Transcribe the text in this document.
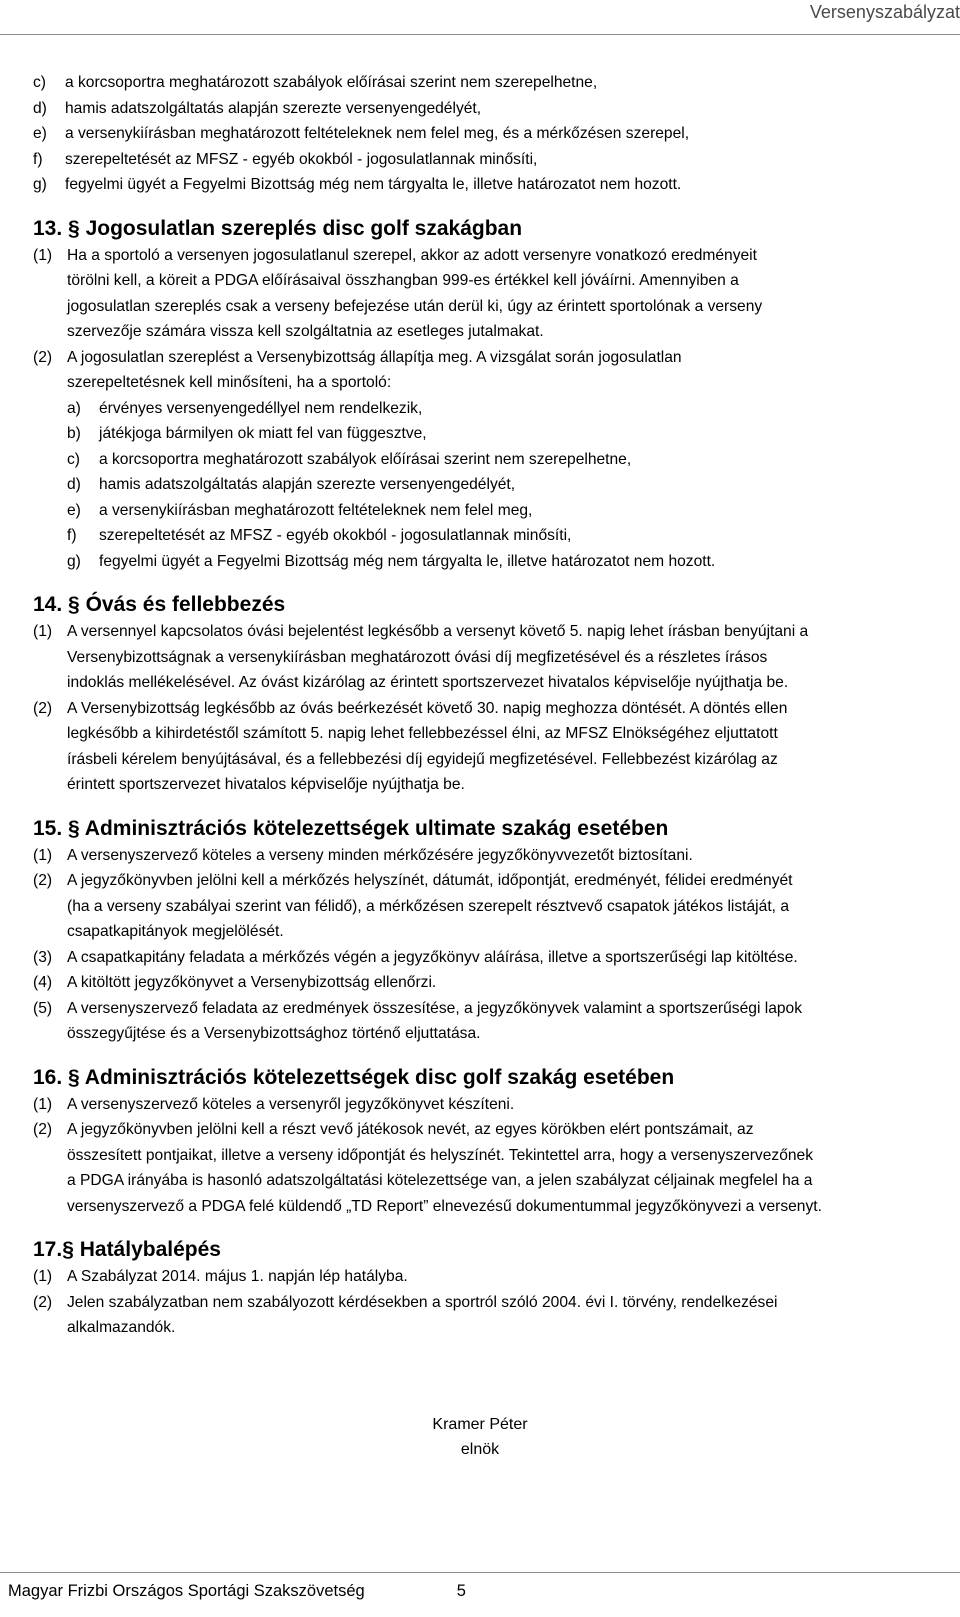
Versenyszabályzat
c) a korcsoportra meghatározott szabályok előírásai szerint nem szerepelhetne,
d) hamis adatszolgáltatás alapján szerezte versenyengedélyét,
e) a versenykiírásban meghatározott feltételeknek nem felel meg, és a mérkőzésen szerepel,
f) szerepeltetését az MFSZ - egyéb okokból - jogosulatlannak minősíti,
g) fegyelmi ügyét a Fegyelmi Bizottság még nem tárgyalta le, illetve határozatot nem hozott.
13. § Jogosulatlan szereplés disc golf szakágban
(1) Ha a sportoló a versenyen jogosulatlanul szerepel, akkor az adott versenyre vonatkozó eredményeit
törölni kell, a köreit a PDGA előírásaival összhangban 999-es értékkel kell jóváírni. Amennyiben a
jogosulatlan szereplés csak a verseny befejezése után derül ki, úgy az érintett sportolónak a verseny
szervezője számára vissza kell szolgáltatnia az esetleges jutalmakat.
(2) A jogosulatlan szereplést a Versenybizottság állapítja meg. A vizsgálat során jogosulatlan
szerepeltetésnek kell minősíteni, ha a sportoló:
a) érvényes versenyengedéllyel nem rendelkezik,
b) játékjoga bármilyen ok miatt fel van függesztve,
c) a korcsoportra meghatározott szabályok előírásai szerint nem szerepelhetne,
d) hamis adatszolgáltatás alapján szerezte versenyengedélyét,
e) a versenykiírásban meghatározott feltételeknek nem felel meg,
f) szerepeltetését az MFSZ - egyéb okokból - jogosulatlannak minősíti,
g) fegyelmi ügyét a Fegyelmi Bizottság még nem tárgyalta le, illetve határozatot nem hozott.
14. § Óvás és fellebbezés
(1) A versennyel kapcsolatos óvási bejelentést legkésőbb a versenyt követő 5. napig lehet írásban benyújtani a
Versenybizottságnak a versenykiírásban meghatározott óvási díj megfizetésével és a részletes írásos
indoklás mellékelésével. Az óvást kizárólag az érintett sportszervezet hivatalos képviselője nyújthatja be.
(2) A Versenybizottság legkésőbb az óvás beérkezését követő 30. napig meghozza döntését. A döntés ellen
legkésőbb a kihirdetéstől számított 5. napig lehet fellebbezéssel élni, az MFSZ Elnökségéhez eljuttatott
írásbeli kérelem benyújtásával, és a fellebbezési díj egyidejű megfizetésével. Fellebbezést kizárólag az
érintett sportszervezet hivatalos képviselője nyújthatja be.
15. § Adminisztrációs kötelezettségek ultimate szakág esetében
(1) A versenyszervező köteles a verseny minden mérkőzésére jegyzőkönyvvezetőt biztosítani.
(2) A jegyzőkönyvben jelölni kell a mérkőzés helyszínét, dátumát, időpontját, eredményét, félidei eredményét
(ha a verseny szabályai szerint van félidő), a mérkőzésen szerepelt résztvevő csapatok játékos listáját, a
csapatkapitányok megjelölését.
(3) A csapatkapitány feladata a mérkőzés végén a jegyzőkönyv aláírása, illetve a sportszerűségi lap kitöltése.
(4) A kitöltött jegyzőkönyvet a Versenybizottság ellenőrzi.
(5) A versenyszervező feladata az eredmények összesítése, a jegyzőkönyvek valamint a sportszerűségi lapok
összegyűjtése és a Versenybizottsághoz történő eljuttatása.
16. § Adminisztrációs kötelezettségek disc golf szakág esetében
(1) A versenyszervező köteles a versenyről jegyzőkönyvet készíteni.
(2) A jegyzőkönyvben jelölni kell a részt vevő játékosok nevét, az egyes körökben elért pontszámait, az
összesített pontjaikat, illetve a verseny időpontját és helyszínét. Tekintettel arra, hogy a versenyszervezőnek
a PDGA irányába is hasonló adatszolgáltatási kötelezettsége van, a jelen szabályzat céljainak megfelel ha a
versenyszervező a PDGA felé küldendő „TD Report” elnevezésű dokumentummal jegyzőkönyvezi a versenyt.
17.§ Hatálybalépés
(1) A Szabályzat 2014. május 1. napján lép hatályba.
(2) Jelen szabályzatban nem szabályozott kérdésekben a sportról szóló 2004. évi I. törvény, rendelkezései
alkalmazandók.
Kramer Péter
elnök
Magyar Frizbi Országos Sportági Szakszövetség	5
